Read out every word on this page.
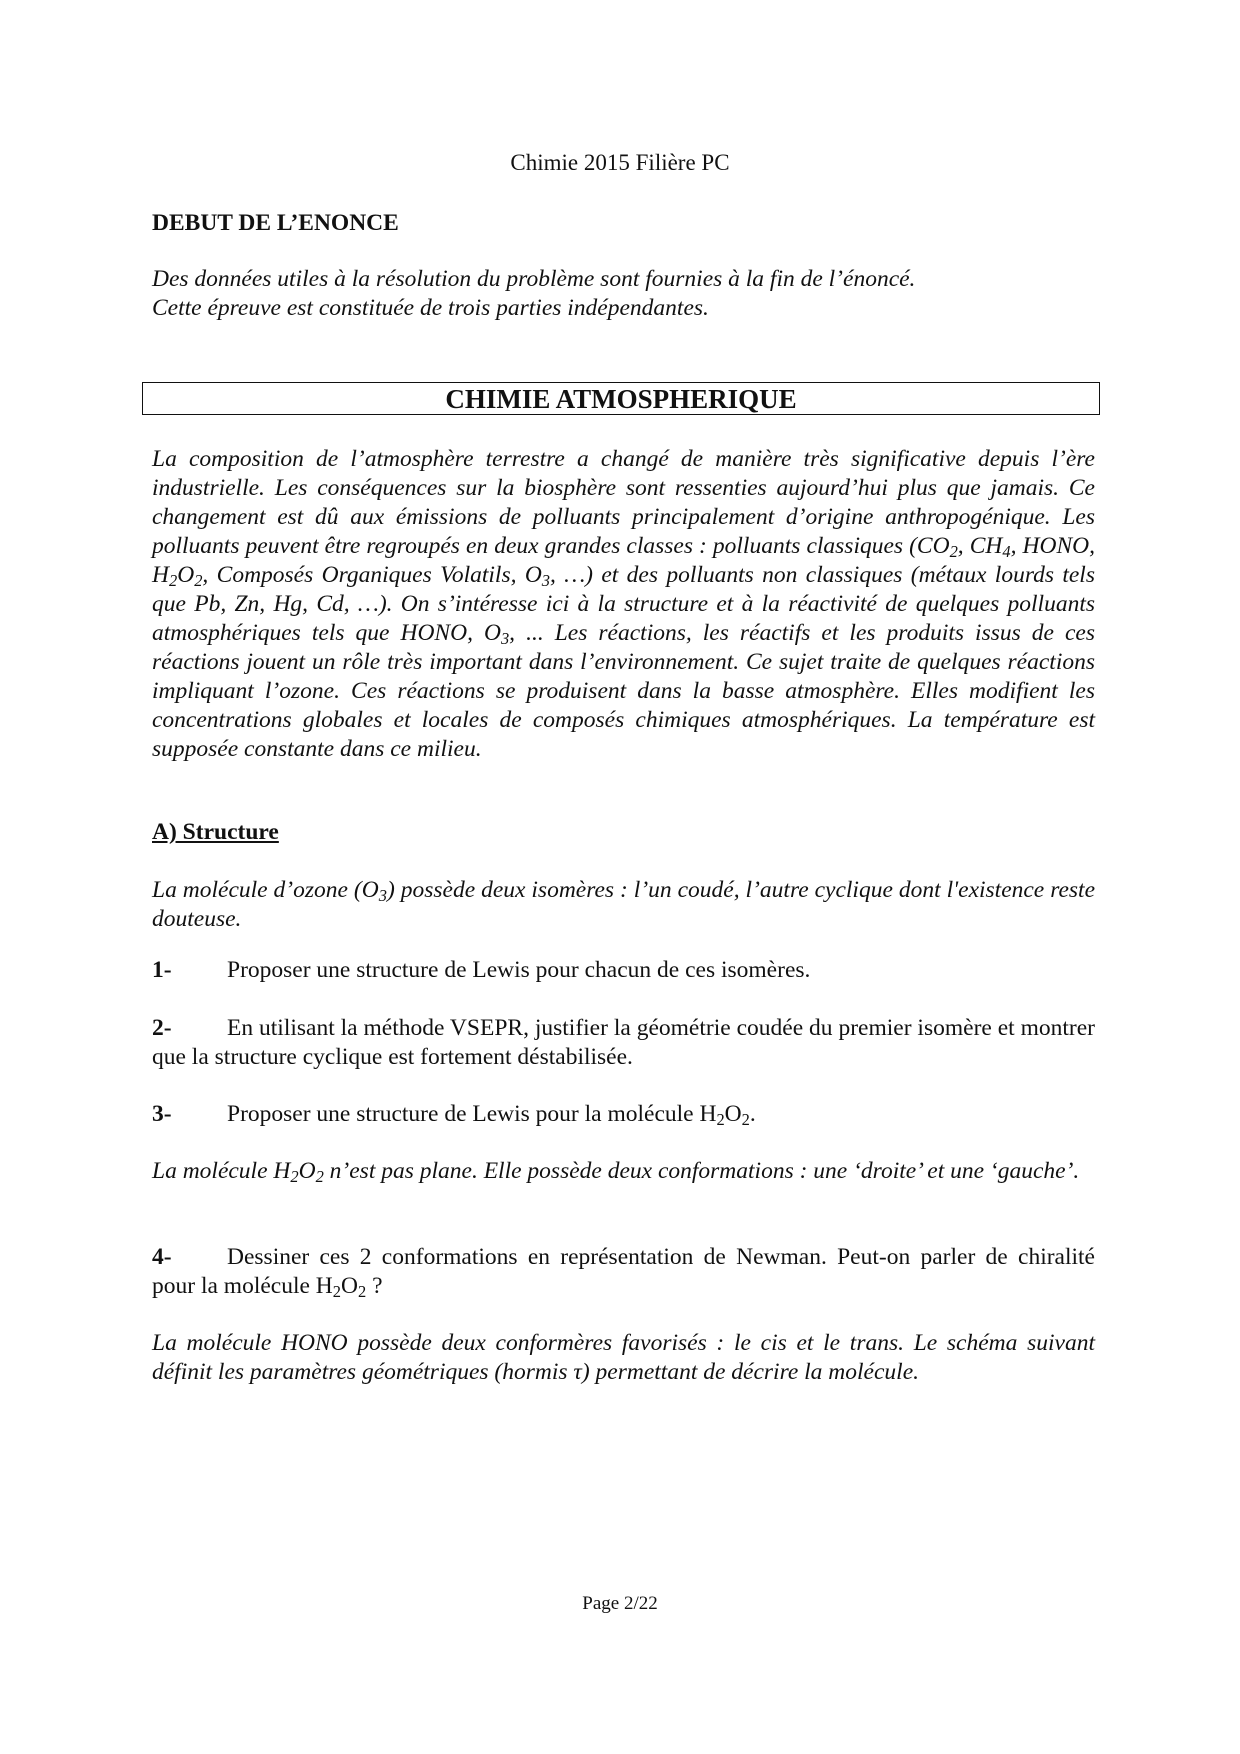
Chimie 2015 Filière PC
DEBUT DE L’ENONCE

Des données utiles à la résolution du problème sont fournies à la fin de l’énoncé.

Cette épreuve est constituée de trois parties indépendantes.

CHIMIE ATMOSPHERIQUE

La composition de l’atmosphère terrestre a changé de manière très significative depuis l’ère industrielle. Les conséquences sur la biosphère sont ressenties aujourd’hui plus que jamais. Ce changement est dû aux émissions de polluants principalement d’origine anthropogénique. Les polluants peuvent être regroupés en deux grandes classes : polluants classiques ($CO_2$, $CH_4$, HONO, $H_2O_2$, Composés Organiques Volatils, $O_3$, …) et des polluants non classiques (métaux lourds tels que Pb, Zn, Hg, Cd, …). On s’intéresse ici à la structure et à la réactivité de quelques polluants atmosphériques tels que HONO, $O_3$, ... Les réactions, les réactifs et les produits issus de ces réactions jouent un rôle très important dans l’environnement. Ce sujet traite de quelques réactions impliquant l’ozone. Ces réactions se produisent dans la basse atmosphère. Elles modifient les concentrations globales et locales de composés chimiques atmosphériques. La température est supposée constante dans ce milieu.

A) Structure

La molécule d’ozone $(O_3)$ possède deux isomères : l’un coudé, l’autre cyclique dont l'existence reste douteuse.

1- Proposer une structure de Lewis pour chacun de ces isomères.

2- En utilisant la méthode VSEPR, justifier la géométrie coudée du premier isomère et montrer que la structure cyclique est fortement déstabilisée.

3- Proposer une structure de Lewis pour la molécule $H_2O_2$.

La molécule $H_2O_2$ n’est pas plane. Elle possède deux conformations : une ‘droite’ et une ‘gauche’.

4- Dessiner ces 2 conformations en représentation de Newman. Peut-on parler de chiralité pour la molécule $H_2O_2$ ?

La molécule HONO possède deux conformères favorisés : le cis et le trans. Le schéma suivant définit les paramètres géométriques (hormis τ) permettant de décrire la molécule.

Page 2/22
